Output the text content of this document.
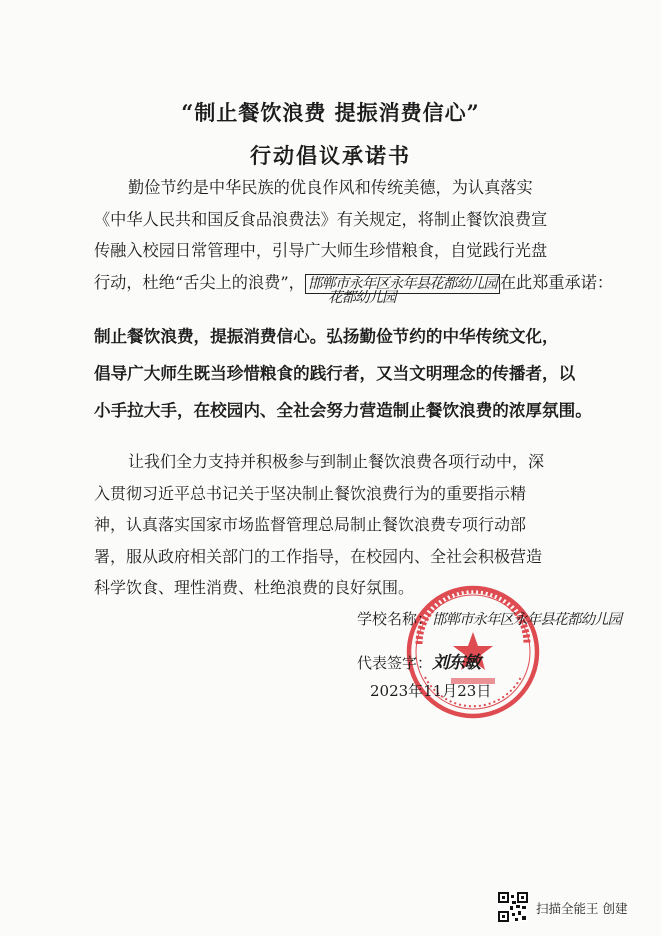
“制止餐饮浪费 提振消费信心”
行动倡议承诺书
勤俭节约是中华民族的优良作风和传统美德，为认真落实
《中华人民共和国反食品浪费法》有关规定，将制止餐饮浪费宣
传融入校园日常管理中，引导广大师生珍惜粮食，自觉践行光盘
行动，杜绝“舌尖上的浪费”， 邯郸市永年区永年县花都幼儿园 在此郑重承诺：
花都幼儿园
制止餐饮浪费，提振消费信心。弘扬勤俭节约的中华传统文化，
倡导广大师生既当珍惜粮食的践行者，又当文明理念的传播者，以
小手拉大手，在校园内、全社会努力营造制止餐饮浪费的浓厚氛围。
让我们全力支持并积极参与到制止餐饮浪费各项行动中，深
入贯彻习近平总书记关于坚决制止餐饮浪费行为的重要指示精
神，认真落实国家市场监督管理总局制止餐饮浪费专项行动部
署，服从政府相关部门的工作指导，在校园内、全社会积极营造
科学饮食、理性消费、杜绝浪费的良好氛围。
学校名称：邯郸市永年区永年县花都幼儿园
代表签字：刘东敏
2023年11月23日
扫描全能王 创建
